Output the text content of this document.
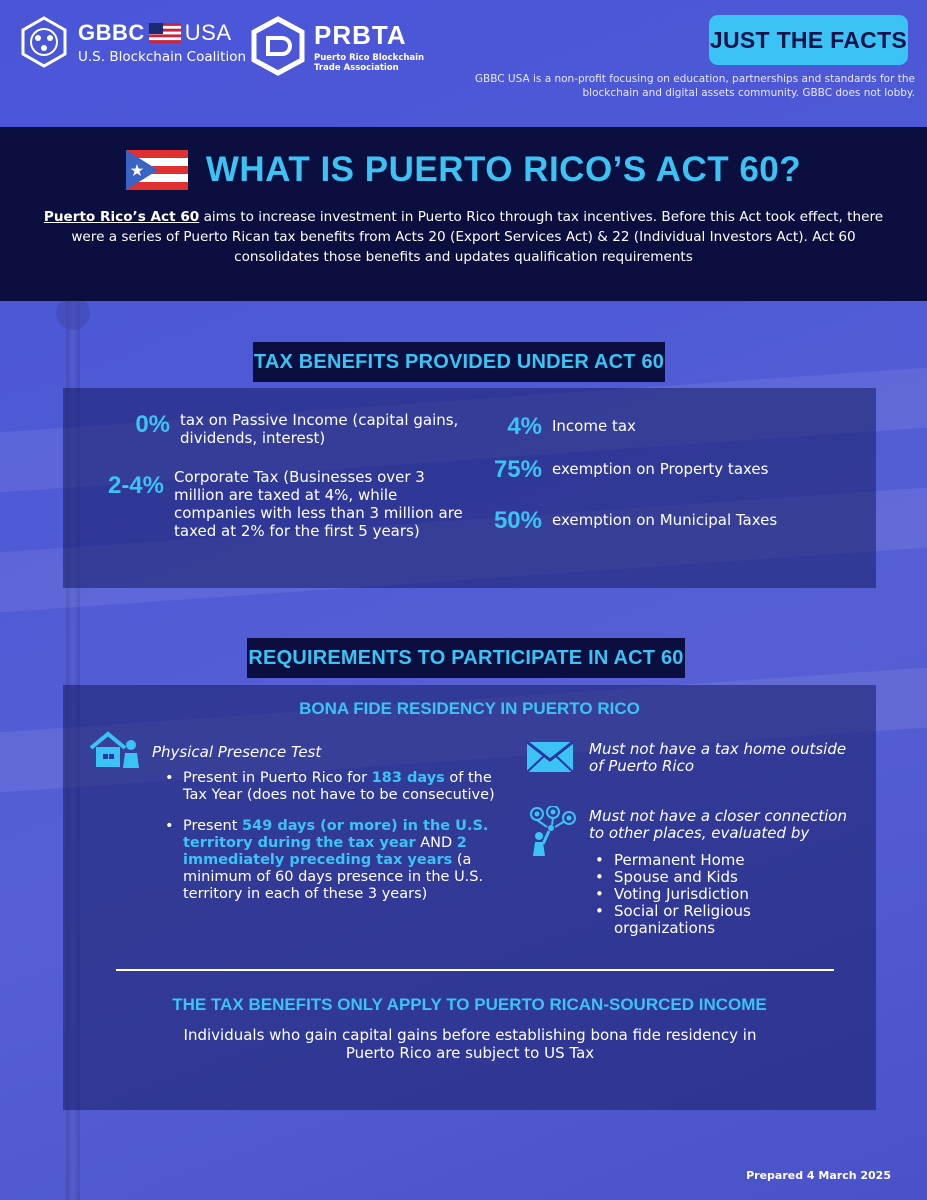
GBBC USA
U.S. Blockchain Coalition
PRBTA
Puerto Rico Blockchain
Trade Association
JUST THE FACTS
GBBC USA is a non-profit focusing on education, partnerships and standards for the blockchain and digital assets community. GBBC does not lobby.
WHAT IS PUERTO RICO’S ACT 60?
Puerto Rico’s Act 60 aims to increase investment in Puerto Rico through tax incentives. Before this Act took effect, there were a series of Puerto Rican tax benefits from Acts 20 (Export Services Act) & 22 (Individual Investors Act). Act 60 consolidates those benefits and updates qualification requirements
TAX BENEFITS PROVIDED UNDER ACT 60
0% tax on Passive Income (capital gains, dividends, interest)
2-4% Corporate Tax (Businesses over 3 million are taxed at 4%, while companies with less than 3 million are taxed at 2% for the first 5 years)
4% Income tax
75% exemption on Property taxes
50% exemption on Municipal Taxes
REQUIREMENTS TO PARTICIPATE IN ACT 60
BONA FIDE RESIDENCY IN PUERTO RICO
Physical Presence Test
• Present in Puerto Rico for 183 days of the Tax Year (does not have to be consecutive)
• Present 549 days (or more) in the U.S. territory during the tax year AND 2 immediately preceding tax years (a minimum of 60 days presence in the U.S. territory in each of these 3 years)
Must not have a tax home outside of Puerto Rico
Must not have a closer connection to other places, evaluated by
• Permanent Home
• Spouse and Kids
• Voting Jurisdiction
• Social or Religious organizations
THE TAX BENEFITS ONLY APPLY TO PUERTO RICAN-SOURCED INCOME
Individuals who gain capital gains before establishing bona fide residency in Puerto Rico are subject to US Tax
Prepared 4 March 2025
